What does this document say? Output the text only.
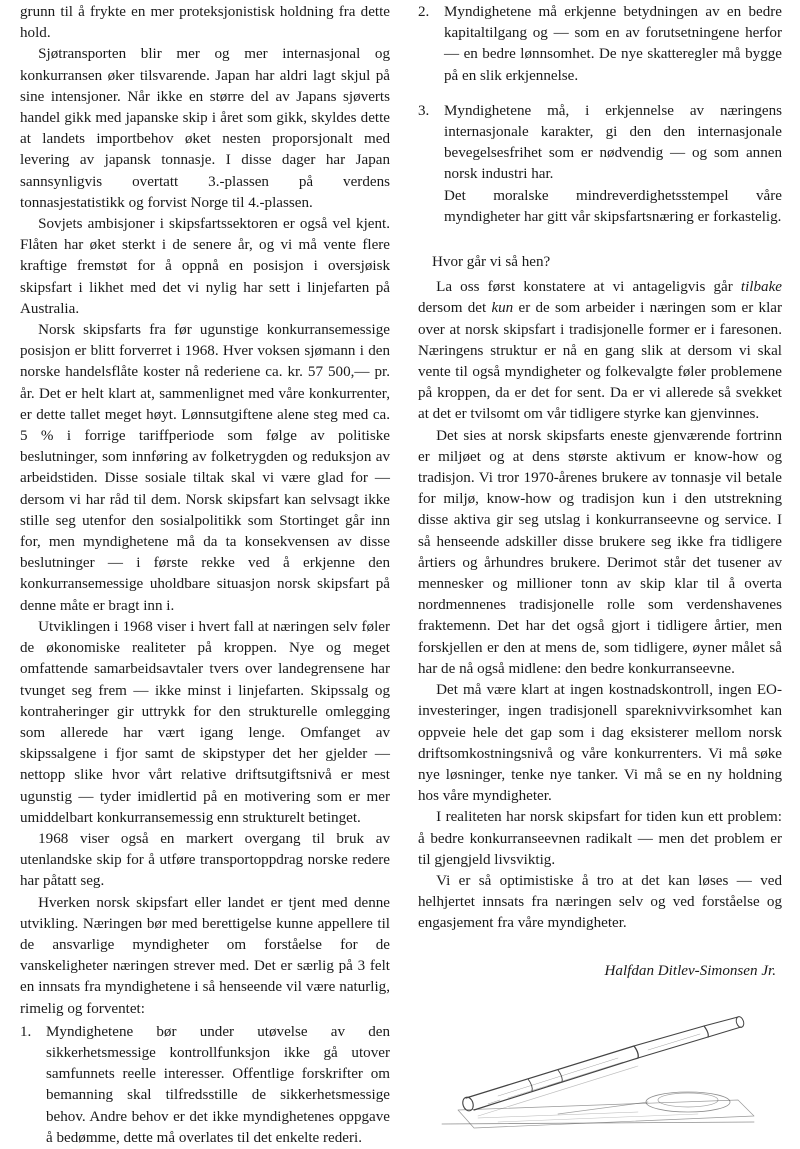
grunn til å frykte en mer proteksjonistisk holdning fra dette hold.

Sjøtransporten blir mer og mer internasjonal og konkurransen øker tilsvarende. Japan har aldri lagt skjul på sine intensjoner. Når ikke en større del av Japans sjøverts handel gikk med japanske skip i året som gikk, skyldes dette at landets importbehov øket nesten proporsjonalt med levering av japansk tonnasje. I disse dager har Japan sannsynligvis overtatt 3.-plassen på verdens tonnasjestatistikk og forvist Norge til 4.-plassen.

Sovjets ambisjoner i skipsfartssektoren er også vel kjent. Flåten har øket sterkt i de senere år, og vi må vente flere kraftige fremstøt for å oppnå en posisjon i oversjøisk skipsfart i likhet med det vi nylig har sett i linjefarten på Australia.

Norsk skipsfarts fra før ugunstige konkurransemessige posisjon er blitt forverret i 1968. Hver voksen sjømann i den norske handelsflåte koster nå rederiene ca. kr. 57 500,— pr. år. Det er helt klart at, sammenlignet med våre konkurrenter, er dette tallet meget høyt. Lønnsutgiftene alene steg med ca. 5 % i forrige tariffperiode som følge av politiske beslutninger, som innføring av folketrygden og reduksjon av arbeidstiden. Disse sosiale tiltak skal vi være glad for — dersom vi har råd til dem. Norsk skipsfart kan selvsagt ikke stille seg utenfor den sosialpolitikk som Stortinget går inn for, men myndighetene må da ta konsekvensen av disse beslutninger — i første rekke ved å erkjenne den konkurransemessige uholdbare situasjon norsk skipsfart på denne måte er bragt inn i.

Utviklingen i 1968 viser i hvert fall at næringen selv føler de økonomiske realiteter på kroppen. Nye og meget omfattende samarbeidsavtaler tvers over landegrensene har tvunget seg frem — ikke minst i linjefarten. Skipssalg og kontraheringer gir uttrykk for den strukturelle omlegging som allerede har vært igang lenge. Omfanget av skipssalgene i fjor samt de skipstyper det her gjelder — nettopp slike hvor vårt relative driftsutgiftsnivå er mest ugunstig — tyder imidlertid på en motivering som er mer umiddelbart konkurransemessig enn strukturelt betinget.

1968 viser også en markert overgang til bruk av utenlandske skip for å utføre transportoppdrag norske redere har påtatt seg.

Hverken norsk skipsfart eller landet er tjent med denne utvikling. Næringen bør med berettigelse kunne appellere til de ansvarlige myndigheter om forståelse for de vanskeligheter næringen strever med. Det er særlig på 3 felt en innsats fra myndighetene i så henseende vil være naturlig, rimelig og forventet:

1. Myndighetene bør under utøvelse av den sikkerhetsmessige kontrollfunksjon ikke gå utover samfunnets reelle interesser. Offentlige forskrifter om bemanning skal tilfredsstille de sikkerhetsmessige behov. Andre behov er det ikke myndighetenes oppgave å bedømme, dette må overlates til det enkelte rederi.

2. Myndighetene må erkjenne betydningen av en bedre kapitaltilgang og — som en av forutsetningene herfor — en bedre lønnsomhet. De nye skatteregler må bygge på en slik erkjennelse.

3. Myndighetene må, i erkjennelse av næringens internasjonale karakter, gi den den internasjonale bevegelsesfrihet som er nødvendig — og som annen norsk industri har.

Det moralske mindreverdighetsstempel våre myndigheter har gitt vår skipsfartsnæring er forkastelig.

Hvor går vi så hen?

La oss først konstatere at vi antageligvis går tilbake dersom det kun er de som arbeider i næringen som er klar over at norsk skipsfart i tradisjonelle former er i faresonen. Næringens struktur er nå en gang slik at dersom vi skal vente til også myndigheter og folkevalgte føler problemene på kroppen, da er det for sent. Da er vi allerede så svekket at det er tvilsomt om vår tidligere styrke kan gjenvinnes.

Det sies at norsk skipsfarts eneste gjenværende fortrinn er miljøet og at dens største aktivum er know-how og tradisjon. Vi tror 1970-årenes brukere av tonnasje vil betale for miljø, know-how og tradisjon kun i den utstrekning disse aktiva gir seg utslag i konkurranseevne og service. I så henseende adskiller disse brukere seg ikke fra tidligere årtiers og århundres brukere. Derimot står det tusener av mennesker og millioner tonn av skip klar til å overta nordmennenes tradisjonelle rolle som verdenshavenes fraktemenn. Det har det også gjort i tidligere årtier, men forskjellen er den at mens de, som tidligere, øyner målet så har de nå også midlene: den bedre konkurranseevne.

Det må være klart at ingen kostnadskontroll, ingen EO-investeringer, ingen tradisjonell spareknivvirksomhet kan oppveie hele det gap som i dag eksisterer mellom norsk driftsomkostningsnivå og våre konkurrenters. Vi må søke nye løsninger, tenke nye tanker. Vi må se en ny holdning hos våre myndigheter.

I realiteten har norsk skipsfart for tiden kun ett problem: å bedre konkurranseevnen radikalt — men det problem er til gjengjeld livsviktig.

Vi er så optimistiske å tro at det kan løses — ved helhjertet innsats fra næringen selv og ved forståelse og engasjement fra våre myndigheter.

Halfdan Ditlev-Simonsen Jr.
